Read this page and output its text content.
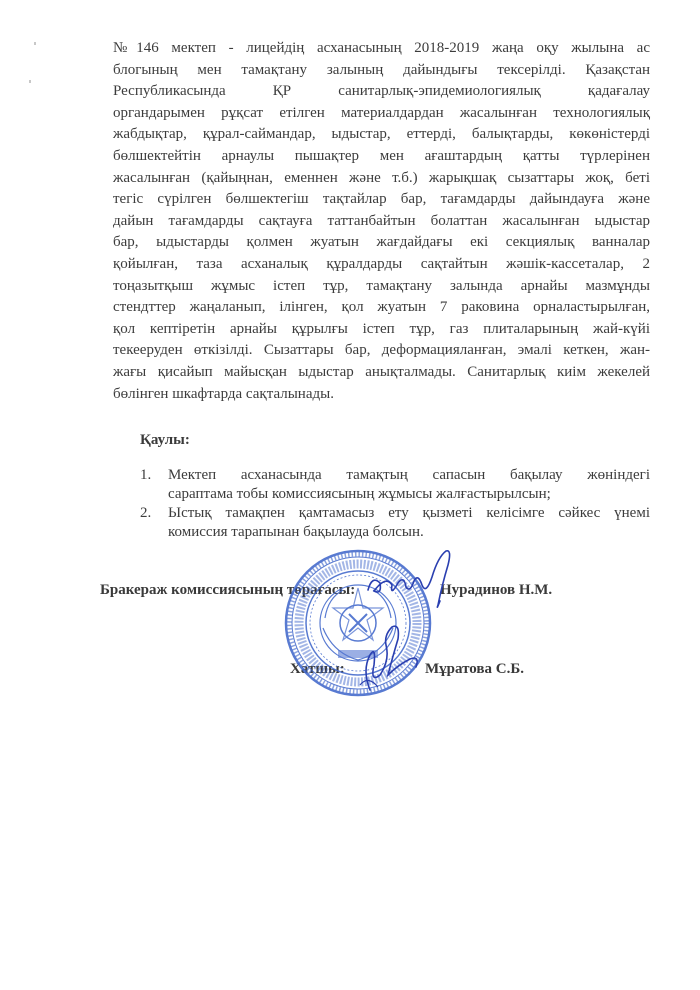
№146 мектеп - лицейдің асханасының 2018-2019 жаңа оқу жылына ас
блогының мен тамақтану залының дайындығы тексерілді. Қазақстан
Республикасында ҚР санитарлық-эпидемиологиялық қадағалау
органдарымен рұқсат етілген материалдардан жасалынған технологиялық
жабдықтар, құрал-саймандар, ыдыстар, еттерді, балықтарды, көкөністерді
бөлшектейтін арнаулы пышақтер мен ағаштардың қатты түрлерінен
жасалынған (қайыңнан, еменнен және т.б.) жарықшақ сызаттары жоқ, беті
тегіс сүрілген бөлшектегіш тақтайлар бар, тағамдарды дайындауға және
дайын тағамдарды сақтауға таттанбайтын болаттан жасалынған ыдыстар
бар, ыдыстарды қолмен жуатын жағдайдағы екі секциялық ванналар
қойылған, таза асханалық құралдарды сақтайтын жәшік-кассеталар, 2
тоңазытқыш жұмыс істеп тұр, тамақтану залында арнайы мазмұнды
стендттер жаңаланып, ілінген, қол жуатын 7 раковина орналастырылған,
қол кептіретін арнайы құрылғы істеп тұр, газ плиталарының жай-күйі
текееруден өткізілді. Сызаттары бар, деформацияланған, эмалі кеткен, жан-
жағы қисайып майысқан ыдыстар анықталмады. Санитарлық киім жекелей
бөлінген шкафтарда сақталынады.
Қаулы:
1. Мектеп асханасында тамақтың сапасын бақылау жөніндегі
сараптама тобы комиссиясының жұмысы жалғастырылсын;
2. Ыстық тамақпен қамтамасыз ету қызметі келісімге сәйкес үнемі
комиссия тарапынан бақылауда болсын.
Бракераж комиссиясының төрағасы:	Нурадинов Н.М.
Хатшы:	Мұратова С.Б.
